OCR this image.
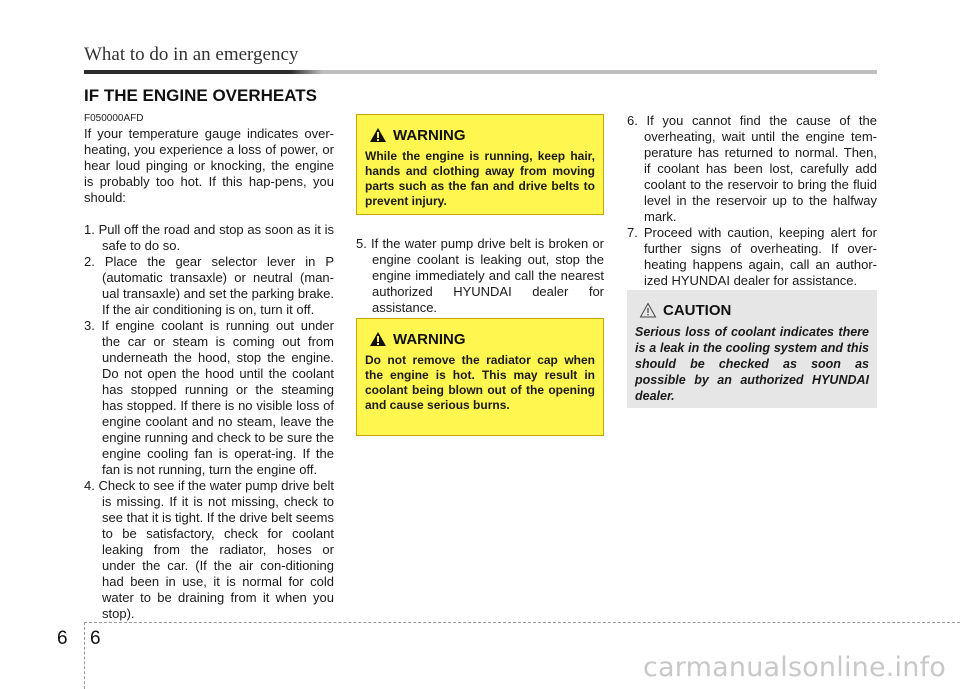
What to do in an emergency
IF THE ENGINE OVERHEATS
F050000AFD

If your temperature gauge indicates over-heating, you experience a loss of power, or hear loud pinging or knocking, the engine is probably too hot. If this hap-pens, you should:

1. Pull off the road and stop as soon as it is safe to do so.
2. Place the gear selector lever in P (automatic transaxle) or neutral (man-ual transaxle) and set the parking brake. If the air conditioning is on, turn it off.
3. If engine coolant is running out under the car or steam is coming out from underneath the hood, stop the engine. Do not open the hood until the coolant has stopped running or the steaming has stopped. If there is no visible loss of engine coolant and no steam, leave the engine running and check to be sure the engine cooling fan is operat-ing. If the fan is not running, turn the engine off.
4. Check to see if the water pump drive belt is missing. If it is not missing, check to see that it is tight. If the drive belt seems to be satisfactory, check for coolant leaking from the radiator, hoses or under the car. (If the air con-ditioning had been in use, it is normal for cold water to be draining from it when you stop).
WARNING
While the engine is running, keep hair, hands and clothing away from moving parts such as the fan and drive belts to prevent injury.
5. If the water pump drive belt is broken or engine coolant is leaking out, stop the engine immediately and call the nearest authorized HYUNDAI dealer for assistance.
WARNING
Do not remove the radiator cap when the engine is hot. This may result in coolant being blown out of the opening and cause serious burns.
6. If you cannot find the cause of the overheating, wait until the engine tem-perature has returned to normal. Then, if coolant has been lost, carefully add coolant to the reservoir to bring the fluid level in the reservoir up to the halfway mark.
7. Proceed with caution, keeping alert for further signs of overheating. If over-heating happens again, call an author-ized HYUNDAI dealer for assistance.
CAUTION
Serious loss of coolant indicates there is a leak in the cooling system and this should be checked as soon as possible by an authorized HYUNDAI dealer.
6 6
carmanualsonline.info
